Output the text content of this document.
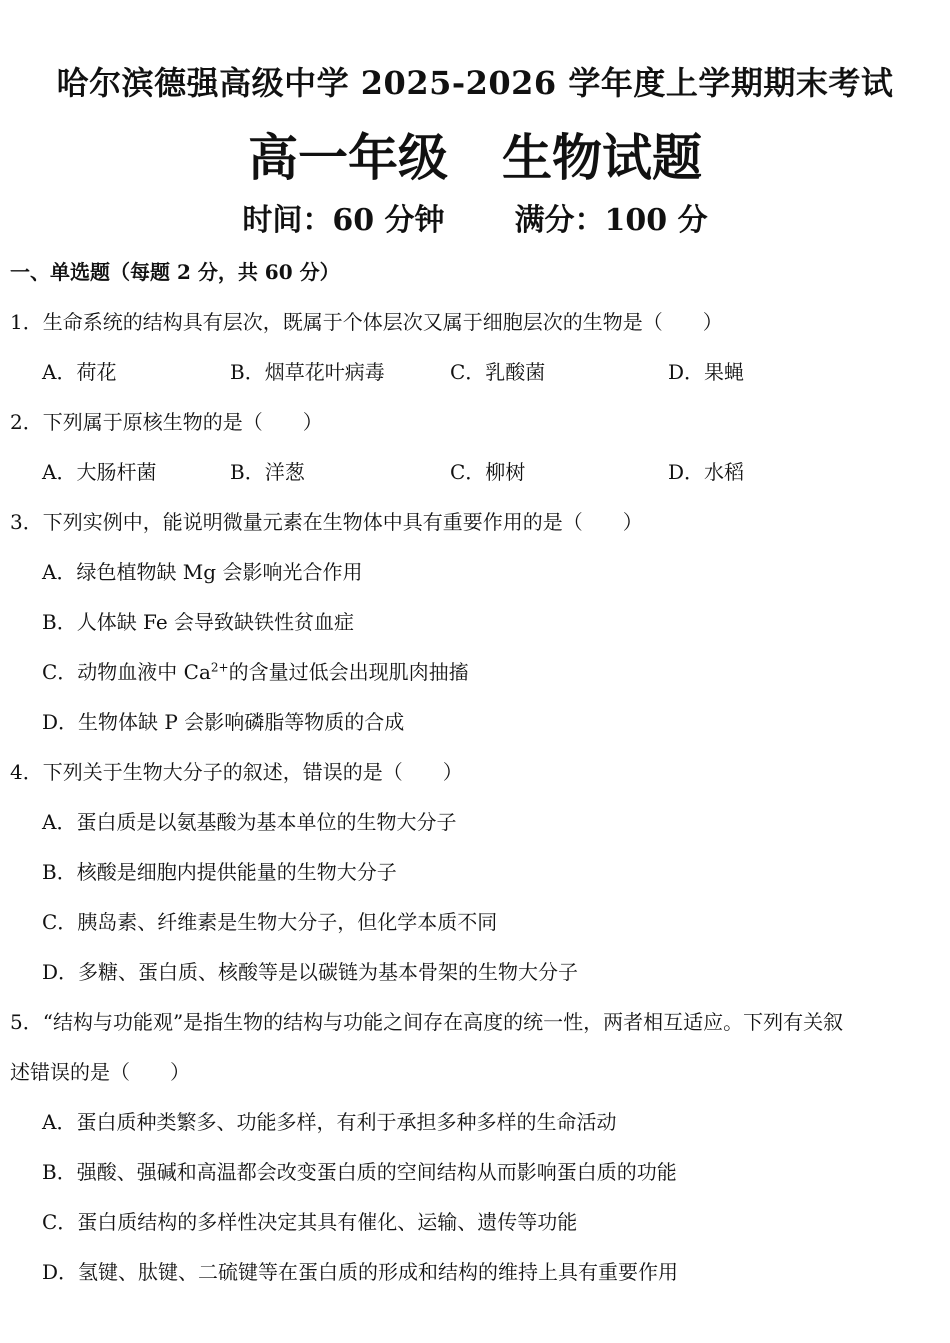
哈尔滨德强高级中学 2025-2026 学年度上学期期末考试
高一年级 生物试题
时间：60 分钟 满分：100 分
一、单选题（每题 2 分，共 60 分）
1．生命系统的结构具有层次，既属于个体层次又属于细胞层次的生物是（　　）
A．荷花	B．烟草花叶病毒	C．乳酸菌	D．果蝇
2．下列属于原核生物的是（　　）
A．大肠杆菌	B．洋葱	C．柳树	D．水稻
3．下列实例中，能说明微量元素在生物体中具有重要作用的是（　　）
A．绿色植物缺 Mg 会影响光合作用
B．人体缺 Fe 会导致缺铁性贫血症
C．动物血液中 $Ca^{2+}$的含量过低会出现肌肉抽搐
D．生物体缺 P 会影响磷脂等物质的合成
4．下列关于生物大分子的叙述，错误的是（　　）
A．蛋白质是以氨基酸为基本单位的生物大分子
B．核酸是细胞内提供能量的生物大分子
C．胰岛素、纤维素是生物大分子，但化学本质不同
D．多糖、蛋白质、核酸等是以碳链为基本骨架的生物大分子
5．“结构与功能观”是指生物的结构与功能之间存在高度的统一性，两者相互适应。下列有关叙
述错误的是（　　）
A．蛋白质种类繁多、功能多样，有利于承担多种多样的生命活动
B．强酸、强碱和高温都会改变蛋白质的空间结构从而影响蛋白质的功能
C．蛋白质结构的多样性决定其具有催化、运输、遗传等功能
D．氢键、肽键、二硫键等在蛋白质的形成和结构的维持上具有重要作用
